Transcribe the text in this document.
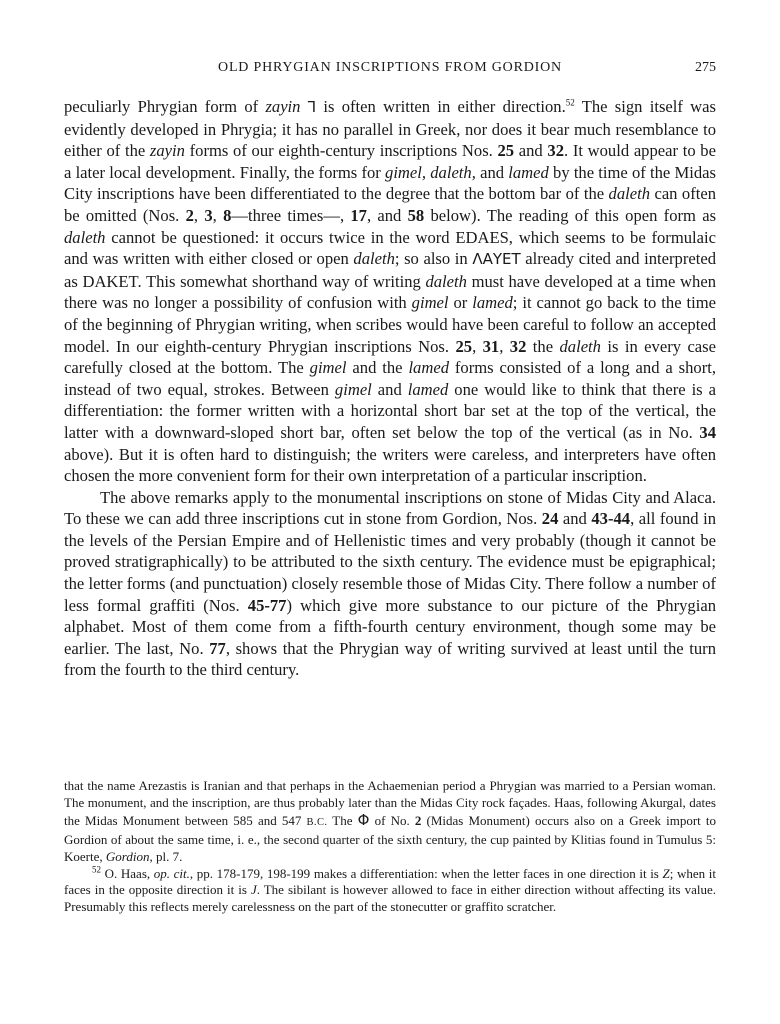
OLD PHRYGIAN INSCRIPTIONS FROM GORDION	275

peculiarly Phrygian form of zayin Ꞁ is often written in either direction.$^{52}$ The sign itself was evidently developed in Phrygia; it has no parallel in Greek, nor does it bear much resemblance to either of the zayin forms of our eighth-century inscriptions Nos. 25 and 32. It would appear to be a later local development. Finally, the forms for gimel, daleth, and lamed by the time of the Midas City inscriptions have been differentiated to the degree that the bottom bar of the daleth can often be omitted (Nos. 2, 3, 8—three times—, 17, and 58 below). The reading of this open form as daleth cannot be questioned: it occurs twice in the word EDAES, which seems to be formulaic and was written with either closed or open daleth; so also in ΛΑΥΕΤ already cited and interpreted as DAKET. This somewhat shorthand way of writing daleth must have developed at a time when there was no longer a possibility of confusion with gimel or lamed; it cannot go back to the time of the beginning of Phrygian writing, when scribes would have been careful to follow an accepted model. In our eighth-century Phrygian inscriptions Nos. 25, 31, 32 the daleth is in every case carefully closed at the bottom. The gimel and the lamed forms consisted of a long and a short, instead of two equal, strokes. Between gimel and lamed one would like to think that there is a differentiation: the former written with a horizontal short bar set at the top of the vertical, the latter with a downward-sloped short bar, often set below the top of the vertical (as in No. 34 above). But it is often hard to distinguish; the writers were careless, and interpreters have often chosen the more convenient form for their own interpretation of a particular inscription.

The above remarks apply to the monumental inscriptions on stone of Midas City and Alaca. To these we can add three inscriptions cut in stone from Gordion, Nos. 24 and 43-44, all found in the levels of the Persian Empire and of Hellenistic times and very probably (though it cannot be proved stratigraphically) to be attributed to the sixth century. The evidence must be epigraphical; the letter forms (and punctuation) closely resemble those of Midas City. There follow a number of less formal graffiti (Nos. 45-77) which give more substance to our picture of the Phrygian alphabet. Most of them come from a fifth-fourth century environment, though some may be earlier. The last, No. 77, shows that the Phrygian way of writing survived at least until the turn from the fourth to the third century.

that the name Arezastis is Iranian and that perhaps in the Achaemenian period a Phrygian was married to a Persian woman. The monument, and the inscription, are thus probably later than the Midas City rock façades. Haas, following Akurgal, dates the Midas Monument between 585 and 547 B.C. The Φ of No. 2 (Midas Monument) occurs also on a Greek import to Gordion of about the same time, i. e., the second quarter of the sixth century, the cup painted by Klitias found in Tumulus 5: Koerte, Gordion, pl. 7.

$^{52}$ O. Haas, op. cit., pp. 178-179, 198-199 makes a differentiation: when the letter faces in one direction it is Z; when it faces in the opposite direction it is J. The sibilant is however allowed to face in either direction without affecting its value. Presumably this reflects merely carelessness on the part of the stonecutter or graffito scratcher.
